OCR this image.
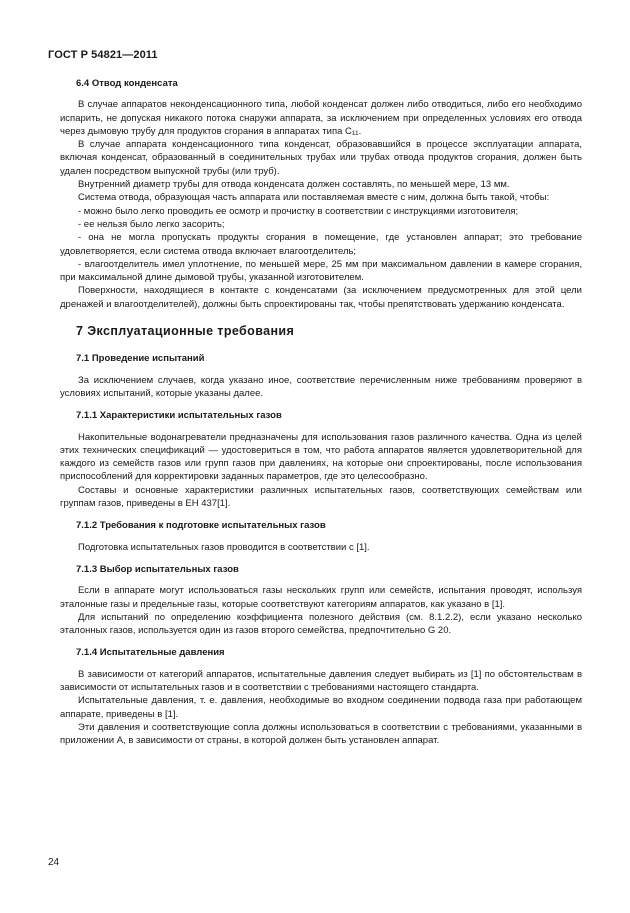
ГОСТ Р 54821—2011
6.4 Отвод конденсата

В случае аппаратов неконденсационного типа, любой конденсат должен либо отводиться, либо его необходимо испарить, не допуская никакого потока снаружи аппарата, за исключением при определенных условиях его отвода через дымовую трубу для продуктов сгорания в аппаратах типа $C_{11}$.

В случае аппарата конденсационного типа конденсат, образовавшийся в процессе эксплуатации аппарата, включая конденсат, образованный в соединительных трубах или трубах отвода продуктов сгорания, должен быть удален посредством выпускной трубы (или труб).

Внутренний диаметр трубы для отвода конденсата должен составлять, по меньшей мере, 13 мм.

Система отвода, образующая часть аппарата или поставляемая вместе с ним, должна быть такой, чтобы:

- можно было легко проводить ее осмотр и прочистку в соответствии с инструкциями изготовителя;

- ее нельзя было легко засорить;

- она не могла пропускать продукты сгорания в помещение, где установлен аппарат; это требование удовлетворяется, если система отвода включает влагоотделитель;

- влагоотделитель имел уплотнение, по меньшей мере, 25 мм при максимальном давлении в камере сгорания, при максимальной длине дымовой трубы, указанной изготовителем.

Поверхности, находящиеся в контакте с конденсатами (за исключением предусмотренных для этой цели дренажей и влагоотделителей), должны быть спроектированы так, чтобы препятствовать удержанию конденсата.

7 Эксплуатационные требования
7.1 Проведение испытаний

За исключением случаев, когда указано иное, соответствие перечисленным ниже требованиям проверяют в условиях испытаний, которые указаны далее.

7.1.1 Характеристики испытательных газов

Накопительные водонагреватели предназначены для использования газов различного качества. Одна из целей этих технических спецификаций — удостовериться в том, что работа аппаратов является удовлетворительной для каждого из семейств газов или групп газов при давлениях, на которые они спроектированы, после использования приспособлений для корректировки заданных параметров, где это целесообразно.

Составы и основные характеристики различных испытательных газов, соответствующих семействам или группам газов, приведены в ЕН 437[1].

7.1.2 Требования к подготовке испытательных газов

Подготовка испытательных газов проводится в соответствии с [1].

7.1.3 Выбор испытательных газов

Если в аппарате могут использоваться газы нескольких групп или семейств, испытания проводят, используя эталонные газы и предельные газы, которые соответствуют категориям аппаратов, как указано в [1].

Для испытаний по определению коэффициента полезного действия (см. 8.1.2.2), если указано несколько эталонных газов, используется один из газов второго семейства, предпочтительно G 20.

7.1.4 Испытательные давления

В зависимости от категорий аппаратов, испытательные давления следует выбирать из [1] по обстоятельствам в зависимости от испытательных газов и в соответствии с требованиями настоящего стандарта.

Испытательные давления, т. е. давления, необходимые во входном соединении подвода газа при работающем аппарате, приведены в [1].

Эти давления и соответствующие сопла должны использоваться в соответствии с требованиями, указанными в приложении А, в зависимости от страны, в которой должен быть установлен аппарат.

24
